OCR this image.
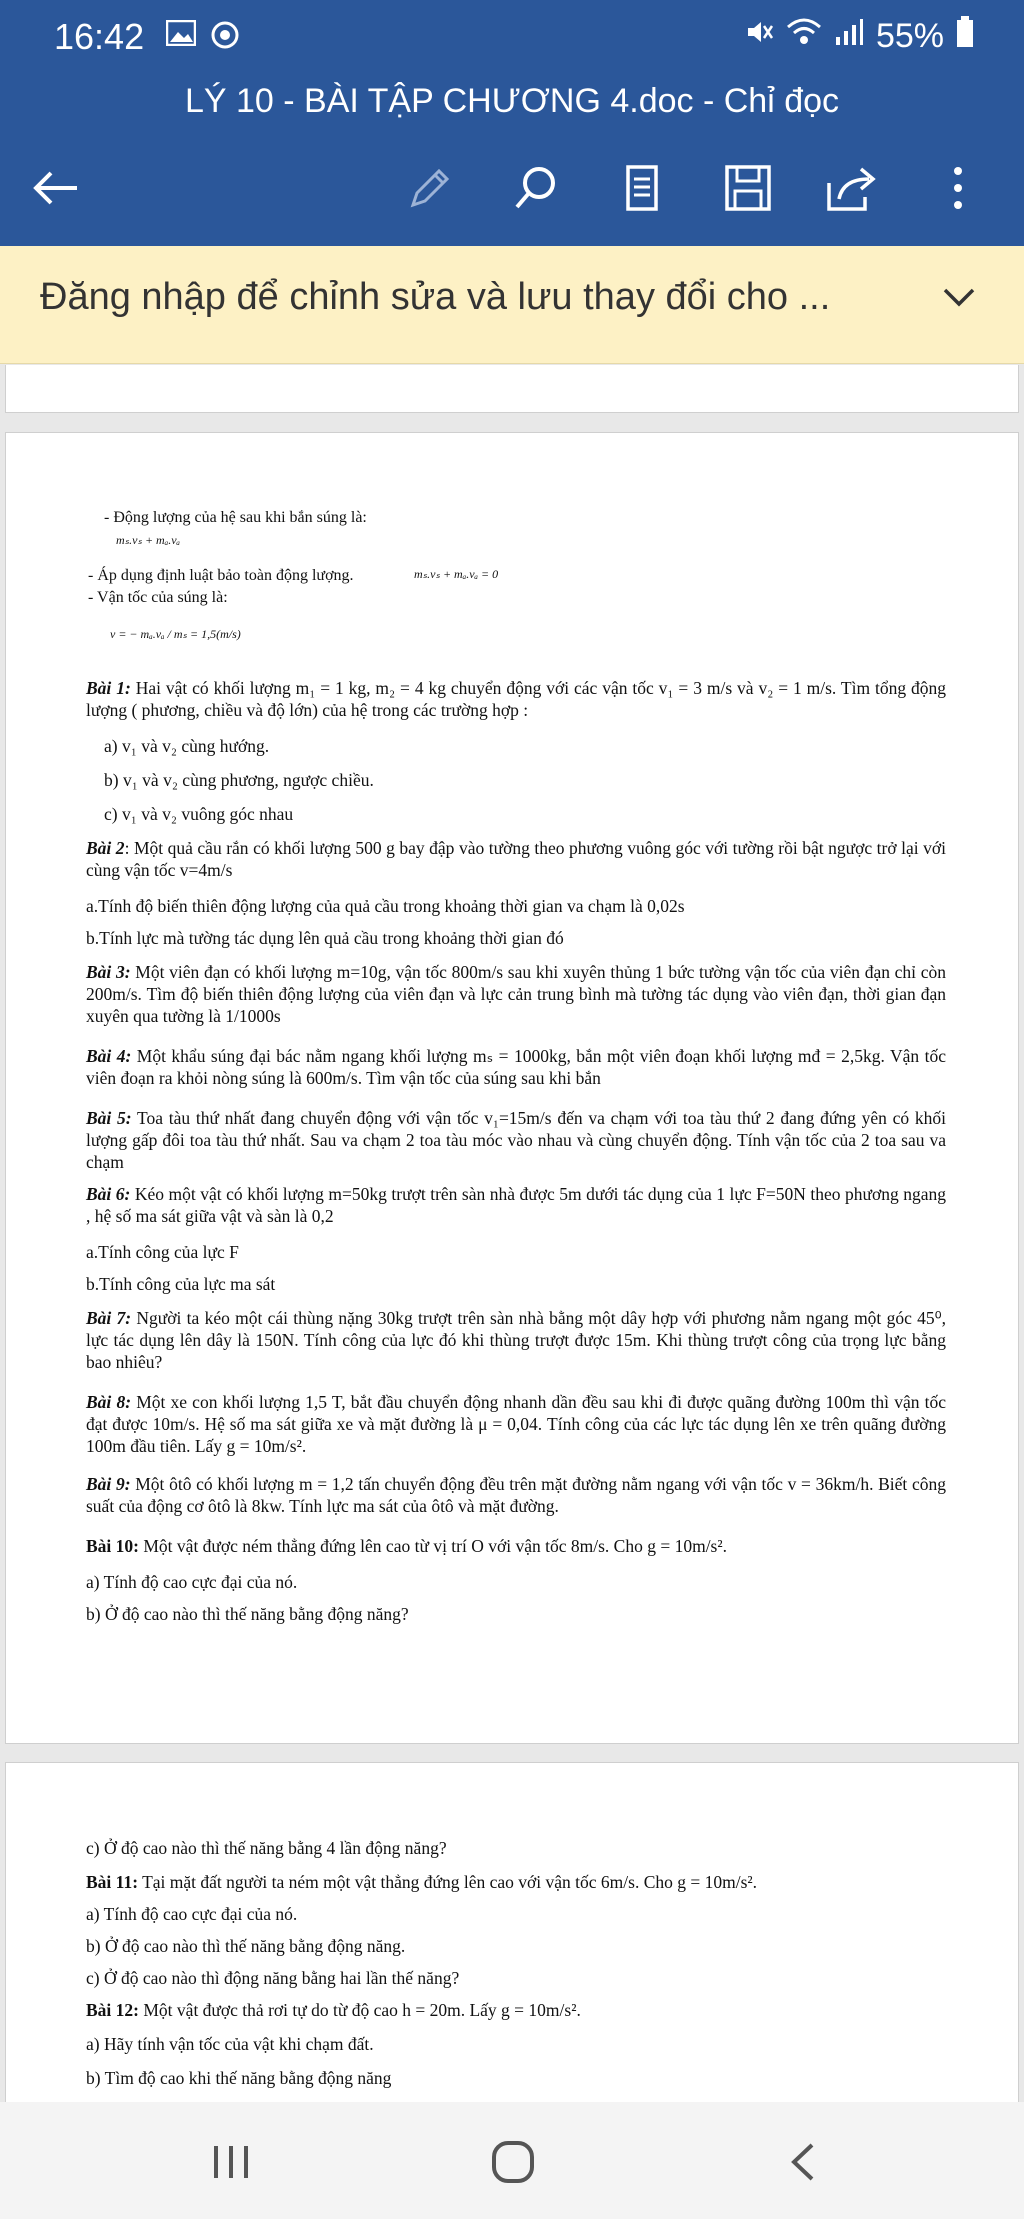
16:42	55%
LÝ 10 - BÀI TẬP CHƯƠNG 4.doc - Chỉ đọc
Đăng nhập để chỉnh sửa và lưu thay đổi cho ...
- Động lượng của hệ sau khi bắn súng là:
mₛ.vₛ + mₐ.vₐ
- Áp dụng định luật bảo toàn động lượng.	mₛ.vₛ + mₐ.vₐ = 0
- Vận tốc của súng là:
v = − mₐ.vₐ / mₛ = 1,5(m/s)
Bài 1: Hai vật có khối lượng m₁ = 1 kg, m₂ = 4 kg chuyển động với các vận tốc v₁ = 3 m/s và v₂ = 1 m/s. Tìm tổng động lượng ( phương, chiều và độ lớn) của hệ trong các trường hợp :
a) v₁ và v₂ cùng hướng.
b) v₁ và v₂ cùng phương, ngược chiều.
c) v₁ và v₂ vuông góc nhau
Bài 2: Một quả cầu rắn có khối lượng 500 g bay đập vào tường theo phương vuông góc với tường rồi bật ngược trở lại với cùng vận tốc v=4m/s
a.Tính độ biến thiên động lượng của quả cầu trong khoảng thời gian va chạm là 0,02s
b.Tính lực mà tường tác dụng lên quả cầu trong khoảng thời gian đó
Bài 3: Một viên đạn có khối lượng m=10g, vận tốc 800m/s sau khi xuyên thủng 1 bức tường vận tốc của viên đạn chỉ còn 200m/s. Tìm độ biến thiên động lượng của viên đạn và lực cản trung bình mà tường tác dụng vào viên đạn, thời gian đạn xuyên qua tường là 1/1000s
Bài 4: Một khẩu súng đại bác nằm ngang khối lượng mₛ = 1000kg, bắn một viên đoạn khối lượng mđ = 2,5kg. Vận tốc viên đoạn ra khỏi nòng súng là 600m/s. Tìm vận tốc của súng sau khi bắn
Bài 5: Toa tàu thứ nhất đang chuyển động với vận tốc v₁=15m/s đến va chạm với toa tàu thứ 2 đang đứng yên có khối lượng gấp đôi toa tàu thứ nhất. Sau va chạm 2 toa tàu móc vào nhau và cùng chuyển động. Tính vận tốc của 2 toa sau va chạm
Bài 6: Kéo một vật có khối lượng m=50kg trượt trên sàn nhà được 5m dưới tác dụng của 1 lực F=50N theo phương ngang , hệ số ma sát giữa vật và sàn là 0,2
a.Tính công của lực F
b.Tính công của lực ma sát
Bài 7: Người ta kéo một cái thùng nặng 30kg trượt trên sàn nhà bằng một dây hợp với phương nằm ngang một góc 45⁰, lực tác dụng lên dây là 150N. Tính công của lực đó khi thùng trượt được 15m. Khi thùng trượt công của trọng lực bằng bao nhiêu?
Bài 8: Một xe con khối lượng 1,5 T, bắt đầu chuyển động nhanh dần đều sau khi đi được quãng đường 100m thì vận tốc đạt được 10m/s. Hệ số ma sát giữa xe và mặt đường là μ = 0,04. Tính công của các lực tác dụng lên xe trên quãng đường 100m đầu tiên. Lấy g = 10m/s².
Bài 9: Một ôtô có khối lượng m = 1,2 tấn chuyển động đều trên mặt đường nằm ngang với vận tốc v = 36km/h. Biết công suất của động cơ ôtô là 8kw. Tính lực ma sát của ôtô và mặt đường.
Bài 10: Một vật được ném thẳng đứng lên cao từ vị trí O với vận tốc 8m/s. Cho g = 10m/s².
a) Tính độ cao cực đại của nó.
b) Ở độ cao nào thì thế năng bằng động năng?
c) Ở độ cao nào thì thế năng bằng 4 lần động năng?
Bài 11: Tại mặt đất người ta ném một vật thẳng đứng lên cao với vận tốc 6m/s. Cho g = 10m/s².
a) Tính độ cao cực đại của nó.
b) Ở độ cao nào thì thế năng bằng động năng.
c) Ở độ cao nào thì động năng bằng hai lần thế năng?
Bài 12: Một vật được thả rơi tự do từ độ cao h = 20m. Lấy g = 10m/s².
a) Hãy tính vận tốc của vật khi chạm đất.
b) Tìm độ cao khi thế năng bằng động năng
